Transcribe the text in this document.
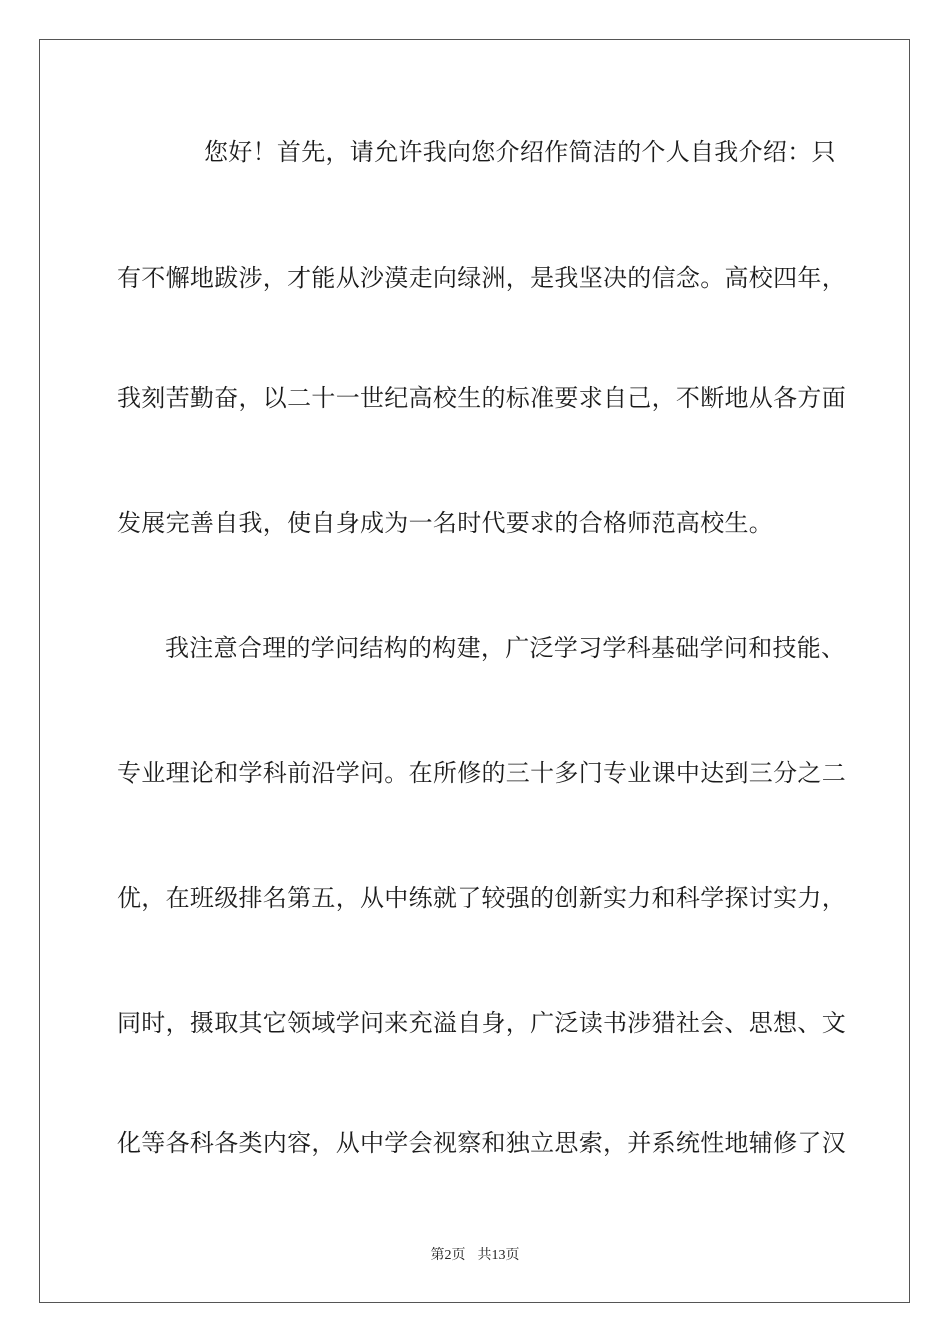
您好！首先，请允许我向您介绍作简洁的个人自我介绍：只
有不懈地跋涉，才能从沙漠走向绿洲，是我坚决的信念。高校四年，
我刻苦勤奋，以二十一世纪高校生的标准要求自己，不断地从各方面
发展完善自我，使自身成为一名时代要求的合格师范高校生。
我注意合理的学问结构的构建，广泛学习学科基础学问和技能、
专业理论和学科前沿学问。在所修的三十多门专业课中达到三分之二
优，在班级排名第五，从中练就了较强的创新实力和科学探讨实力，
同时，摄取其它领域学问来充溢自身，广泛读书涉猎社会、思想、文
化等各科各类内容，从中学会视察和独立思索，并系统性地辅修了汉
第2页 共13页
